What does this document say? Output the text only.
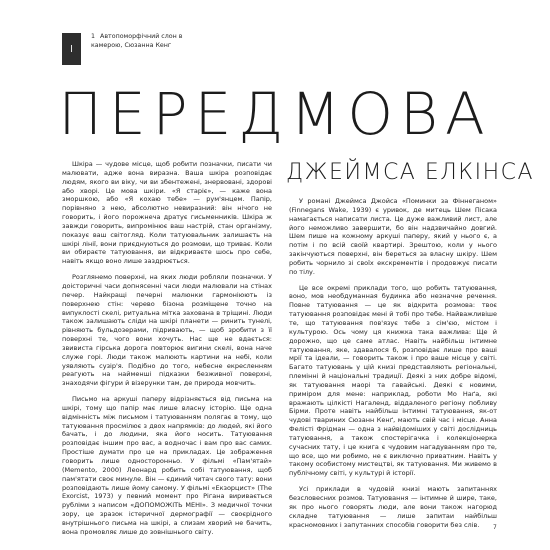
1 Автопоморфічний слон в камерою, Сюзанна Кенг
ПЕРЕДМОВА

Шкіра — чудове місце, щоб робити позначки, писати чи малювати, адже вона виразна. Ваша шкіра розповідає людям, якого ви віку, чи ви збентежені, знервовані, здорові або хворі. Це мова шкіри. «Я старіє», — каже вона зморшкою, або «Я кохаю тебе» — рум'янцем. Папір, порівняно з нею, абсолютно невиразний: він нічого не говорить, і його порожнеча дратує гисьменників. Шкіра ж завжди говорить, випромінює ваш настрій, стан організму, показує ваш світогляд. Коли татуювальник залишаєть на шкірі лінії, вони приєднуються до розмови, що триває. Коли ви обираєте татуювання, ви відкриваєте шось про себе, навіть якщо воно лише заздрюється.

Розглянемо поверхні, на яких люди робляли позначки. У доісторичні часи допнясенні часи люди малювали на стінах печер. Найкращі печерні малюнки гармоніюють із поверхнею стін: черево бізона розміщене точно на випуклості скелі, ритуальна мітка захована в тріщині. Люди також залишають сліди на шкірі планети — ринить тунелі, рівняють бульдозерами, підривають, — щоб зробити з її поверхні те, чого вони хочуть. Нас ще не вдається: звивиста гірська дорога повторює вигини скелі, вона наче служе горі. Люди також малюють картини на небі, коли уявляють сузір'я. Подібно до того, небесне екресленням реагують на найменші підказки безживної поверхні, знаходячи фігури й візерунки там, де природа мовчить.

Письмо на аркуші паперу відрізняється від письма на шкірі, тому що папір має лише власну історію. Ще одна відмінність між письмом і татуюванням полягає в тому, що татуювання просмілює з двох напрямків: до людей, які його бачать, і до людини, яка його носить. Татуювання розповідає іншим про вас, а водночас і вам про вас самих. Простіше думати про це на прикладах. Це зображення говорить лише односторонньо. У фільмі «Пам'ятай» (Memento, 2000) Леонард робить собі татуювання, щоб пам'ятати своє минуле. Він — єдиний читач свого тату: вони розповідають лише йому самому. У фільмі «Екзорцист» (The Exorcist, 1973) у певний момент про Рігана виривається рубліми з написом «ДОПОМОЖІТЬ МЕНІ». З медичної точки зору, це зразок істеричної дермографії — своєрідного внутрішнього письма на шкірі, а слизам хворий не бачить, вона промовляє лише до зовнішнього світу.

ДЖЕЙМСА ЕЛКІНСА

У романі Джеймса Джойса «Поминки за Фіннеганом» (Finnegans Wake, 1939) є уривок, де митець Шем Пісака намагається написати листа. Це дуже важливий лист, але його неможливо завершити, бо він надзвичайно довгий. Шем пише на кожному аркуші паперу, який у нього є, а потім і по всій своїй квартирі. Зрештою, коли у нього закінчуються поверхні, він береться за власну шкіру. Шем робить чорнило зі своїх екскрементів і продовжує писати по тілу.

Це все окремі приклади того, що робить татуювання, воно, мов необдуманная будинка або незначне речення. Повне татуювання — це як відкрита розмова: твоє татуювання розповідає мені й тобі про тебе. Найважливіше те, що татуювання пов'язує тебе з сім'єю, містом і культурою. Ось чому ця книжка така важлива: Ще й дорожно, що це саме атлас. Навіть найбільш інтимне татуювання, яке, здавалося б, розповідає лише про ваші мрії та ідеали, — говорить також і про ваше місце у світі. Багато татуювань у цій книзі представляють регіональні, племінні й національні традиції. Деякі з них добре відомі, як татуювання маорі та гавайські. Деякі є новими, приміром для мене: наприклад, роботи Мо Наґа, які вражають цілкісті Нагаленд, віддаленого регіону побливу Бірми. Проте навіть найбільш інтимні татуювання, як-от чудові твариних Сюзанн Кенґ, мають свій час і місце. Анна Фелісті Фрідман — одна з найвідоміших у світі дослідниць татуювання, а також спостерігачка і колекціонерка сучасних тату, і це книга є чудовим нагадуванням про те, що все, що ми робимо, не є виключно приватним. Навіть у такому особистому мистецтві, як татуювання. Ми живемо в публічному світі, у культурі й історії.

Усі приклади в чудовій книзі мають запитаннях безсловесних розмов. Татуювання — інтимне й шире, таке, як про нього говорять люди, але вони також нагорюд складне татуювання — лише запитаи найбільш красномовних і запутанних способів говорити без слів.	7
